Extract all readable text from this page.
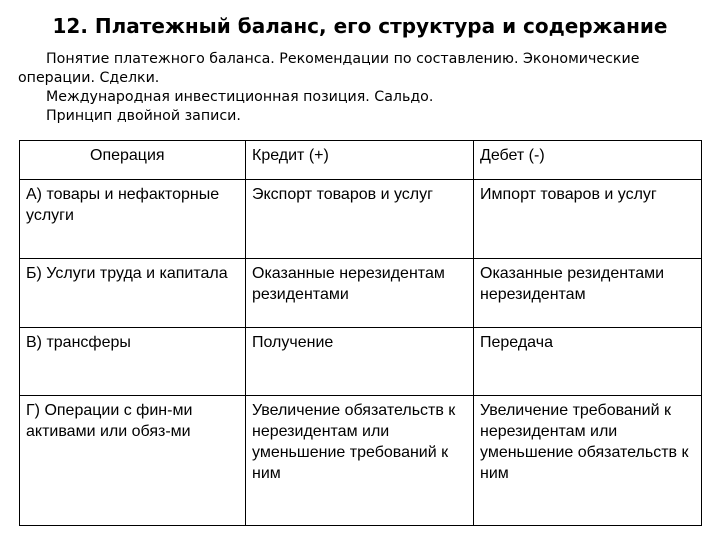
12. Платежный баланс, его структура и содержание

Понятие платежного баланса. Рекомендации по составлению. Экономические

операции. Сделки.

Международная инвестиционная позиция. Сальдо.

Принцип двойной записи.

Операция	Кредит (+)	Дебет (-)
А) товары и нефакторные услуги	Экспорт товаров и услуг	Импорт товаров и услуг
Б) Услуги труда и капитала	Оказанные нерезидентам резидентами	Оказанные резидентами нерезидентам
В) трансферы	Получение	Передача
Г) Операции с фин-ми активами или обяз-ми	Увеличение обязательств к нерезидентам или уменьшение требований к ним	Увеличение требований к нерезидентам или уменьшение обязательств к ним
